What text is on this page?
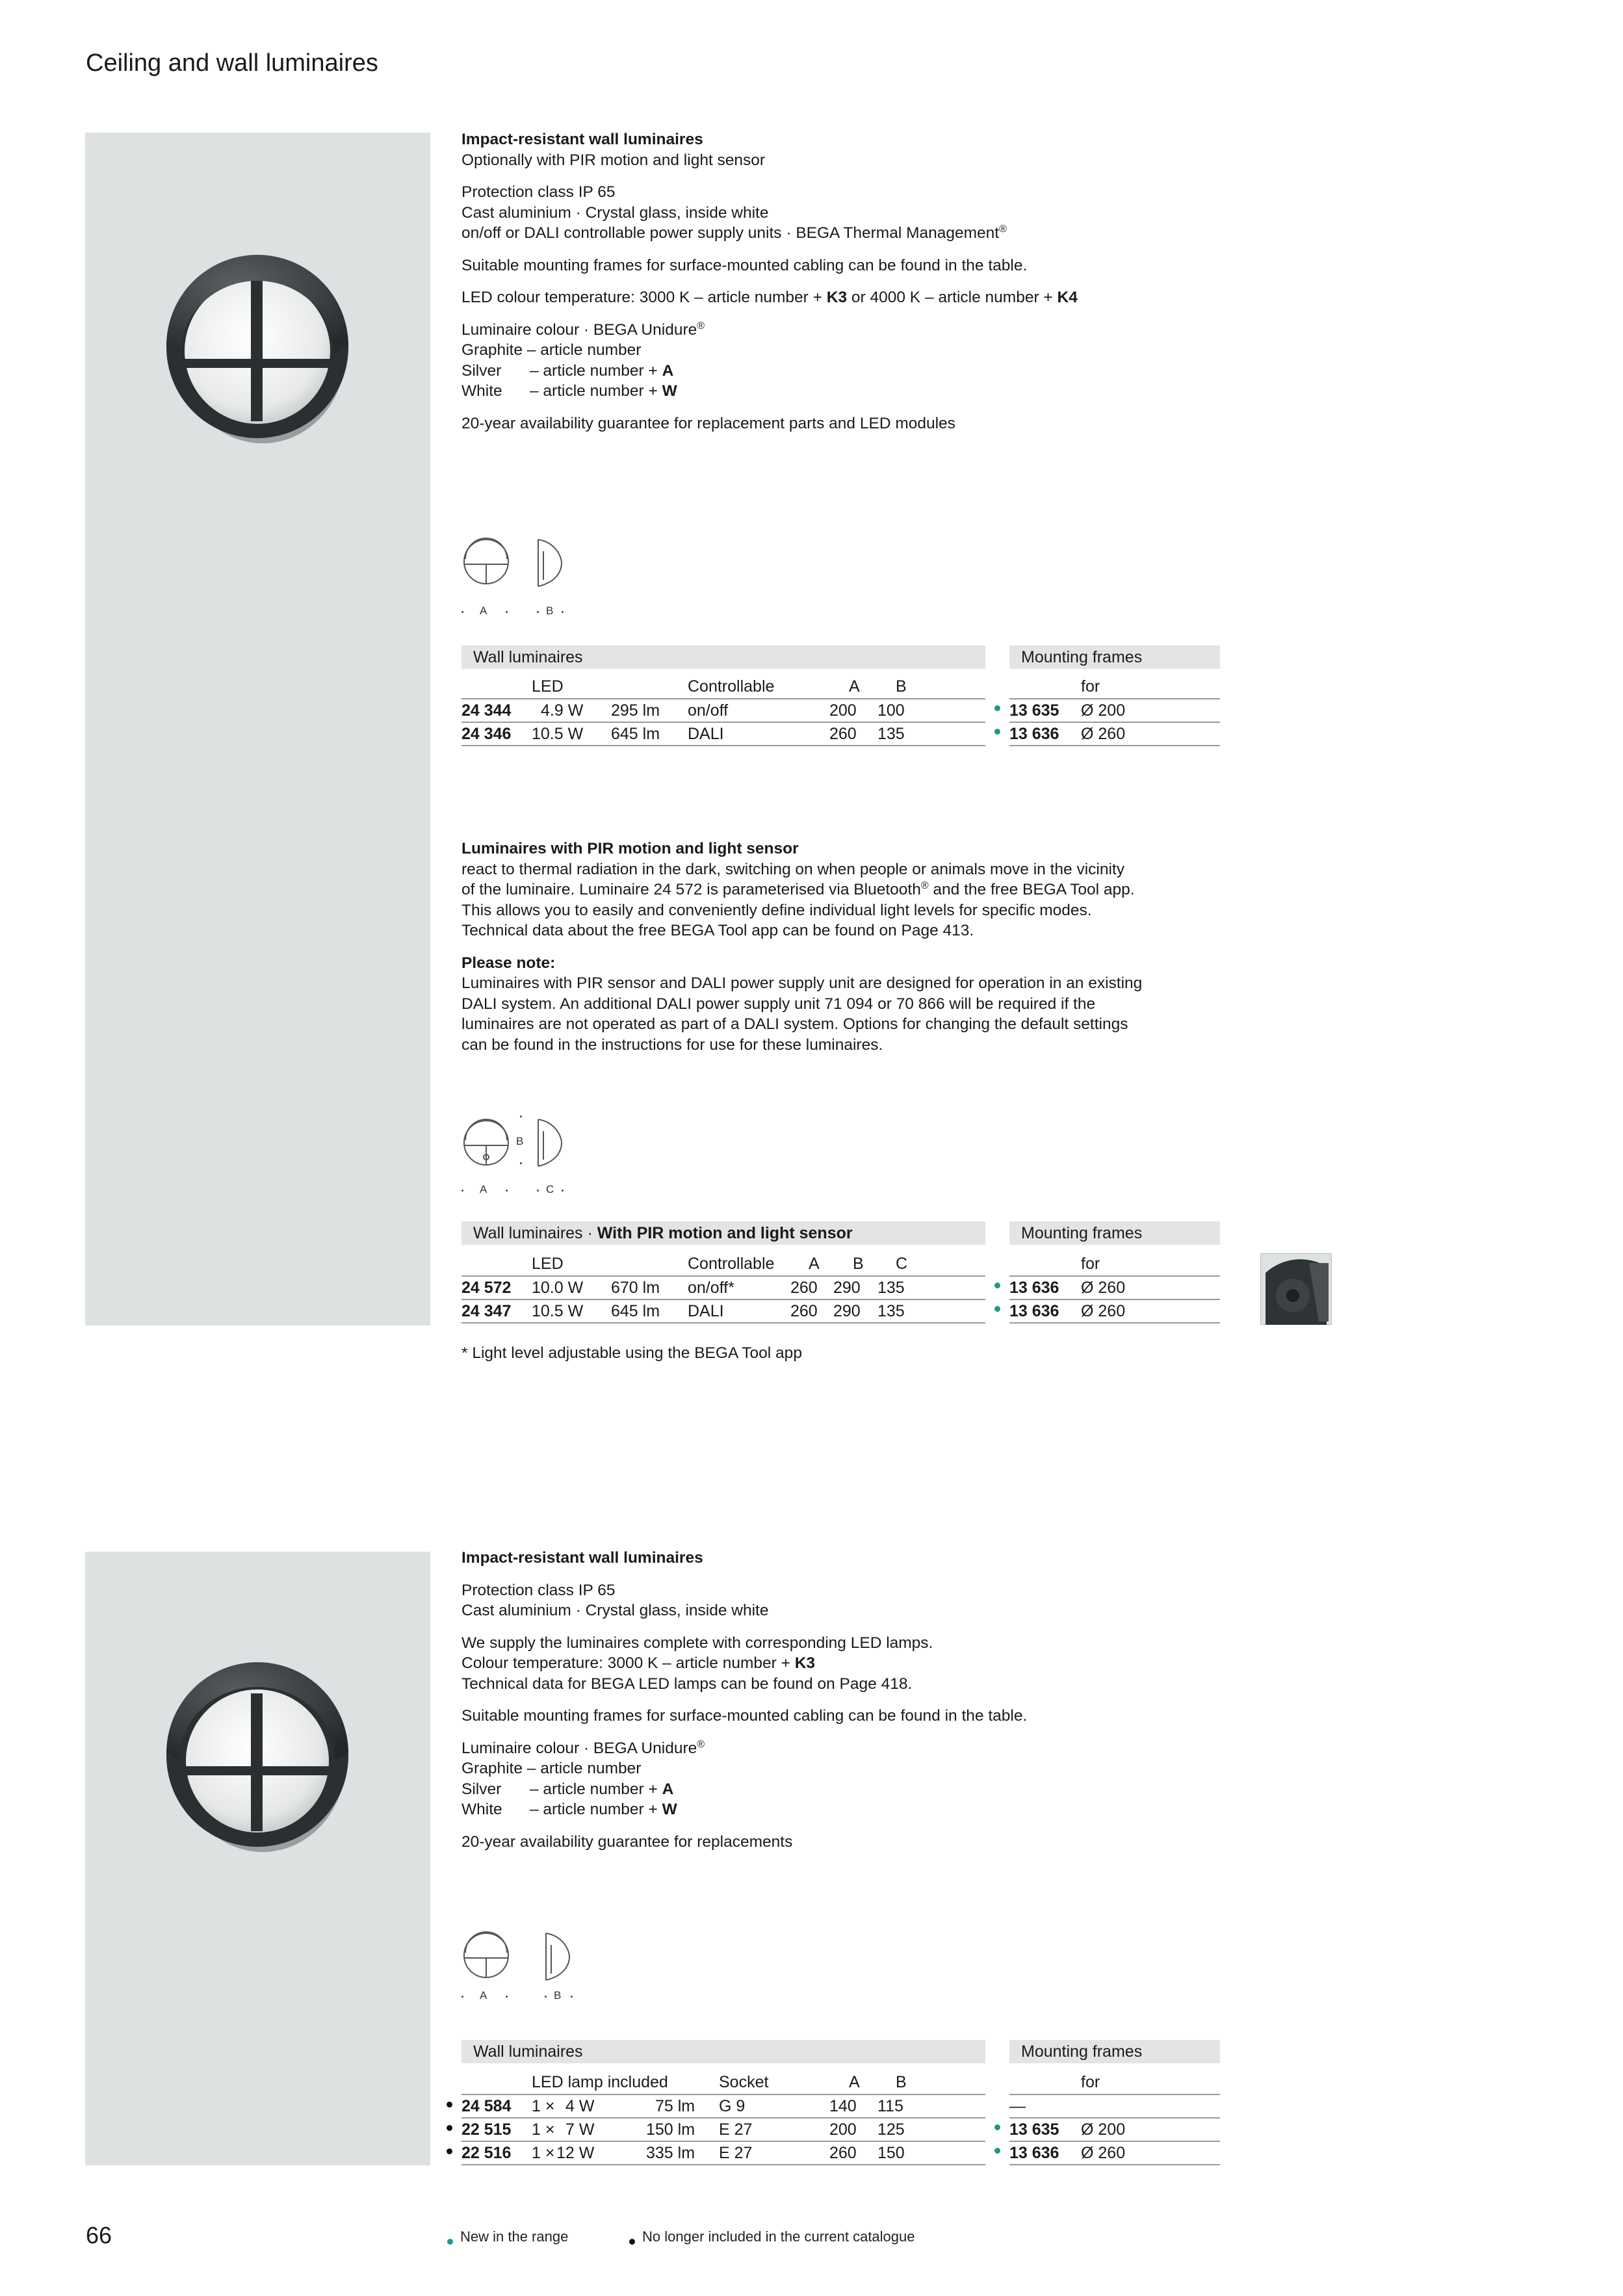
Ceiling and wall luminaires
Impact-resistant wall luminaires

Optionally with PIR motion and light sensor

Protection class IP 65
Cast aluminium · Crystal glass, inside white
on/off or DALI controllable power supply units · BEGA Thermal Management®

Suitable mounting frames for surface-mounted cabling can be found in the table.

LED colour temperature: 3000 K – article number + K3 or 4000 K – article number + K4

Luminaire colour · BEGA Unidure®
Graphite – article number

Silver	– article number +
A
White	– article number +
W

20-year availability guarantee for replacement parts and LED modules

A	B
Wall luminaires	Mounting frames
LED	Controllable	A B	for
24 344 4.9 W 295 lm on/off	200 100	13 635 Ø 200
24 346 10.5 W 645 lm DALI	260 135	13 636 Ø 260
Luminaires with PIR motion and light sensor

react to thermal radiation in the dark, switching on when people or animals move in the vicinity
of the luminaire. Luminaire 24 572 is parameterised via Bluetooth® and the free BEGA Tool app.
This allows you to easily and conveniently define individual light levels for specific modes.
Technical data about the free BEGA Tool app can be found on Page 413.

Please note:

Luminaires with PIR sensor and DALI power supply unit are designed for operation in an existing
DALI system. An additional DALI power supply unit 71 094 or 70 866 will be required if the
luminaires are not operated as part of a DALI system. Options for changing the default settings
can be found in the instructions for use for these luminaires.

B
A	C
Wall luminaires · With PIR motion and light sensor	Mounting frames
LED	Controllable A B C	for
24 572 10.0 W 670 lm on/off*	260 290 135	13 636 Ø 260
24 347 10.5 W 645 lm DALI	260 290 135	13 636 Ø 260
* Light level adjustable using the BEGA Tool app

Impact-resistant wall luminaires

Protection class IP 65
Cast aluminium · Crystal glass, inside white

We supply the luminaires complete with corresponding LED lamps.
Colour temperature: 3000 K – article number + K3
Technical data for BEGA LED lamps can be found on Page 418.

Suitable mounting frames for surface-mounted cabling can be found in the table.

Luminaire colour · BEGA Unidure®
Graphite – article number

Silver	– article number +
A
White	– article number +
W

20-year availability guarantee for replacements

A	B
Wall luminaires	Mounting frames
LED lamp included	Socket	A B	for
24 584 1 × 4 W	75 lm G 9	140 115	—
22 515 1 × 7 W	150 lm E 27	200 125	13 635 Ø 200
22 516 1 × 12 W	335 lm E 27	260 150	13 636 Ø 260
66	New in the range	No longer included in the current catalogue
